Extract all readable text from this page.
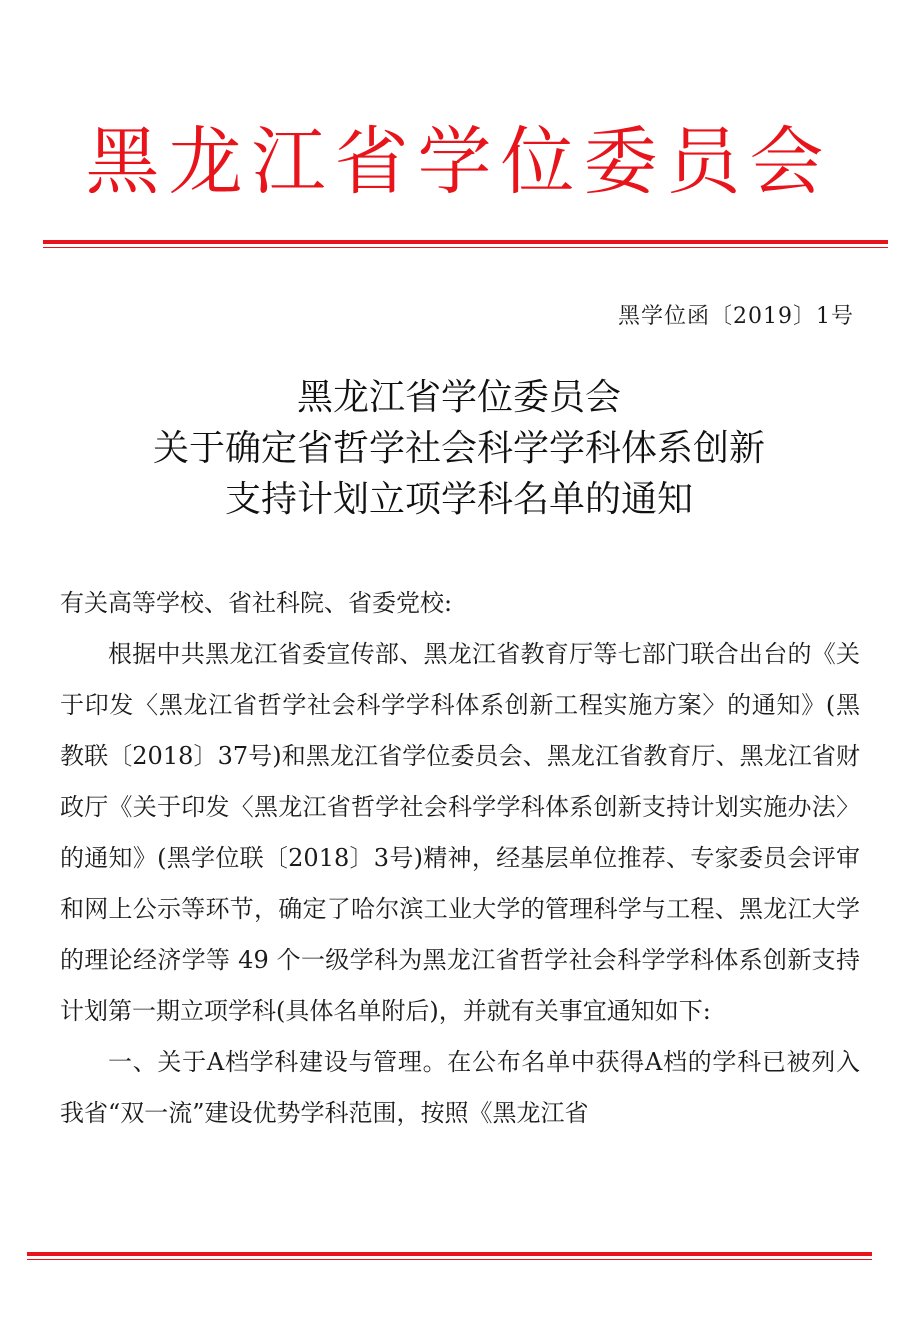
黑龙江省学位委员会
黑学位函〔2019〕1号
黑龙江省学位委员会
关于确定省哲学社会科学学科体系创新
支持计划立项学科名单的通知

有关高等学校、省社科院、省委党校:

根据中共黑龙江省委宣传部、黑龙江省教育厅等七部门联合出台的《关于印发〈黑龙江省哲学社会科学学科体系创新工程实施方案〉的通知》(黑教联〔2018〕37号)和黑龙江省学位委员会、黑龙江省教育厅、黑龙江省财政厅《关于印发〈黑龙江省哲学社会科学学科体系创新支持计划实施办法〉的通知》(黑学位联〔2018〕3号)精神，经基层单位推荐、专家委员会评审和网上公示等环节，确定了哈尔滨工业大学的管理科学与工程、黑龙江大学的理论经济学等 49 个一级学科为黑龙江省哲学社会科学学科体系创新支持计划第一期立项学科(具体名单附后)，并就有关事宜通知如下:

一、关于A档学科建设与管理。在公布名单中获得A档的学科已被列入我省“双一流”建设优势学科范围，按照《黑龙江省
